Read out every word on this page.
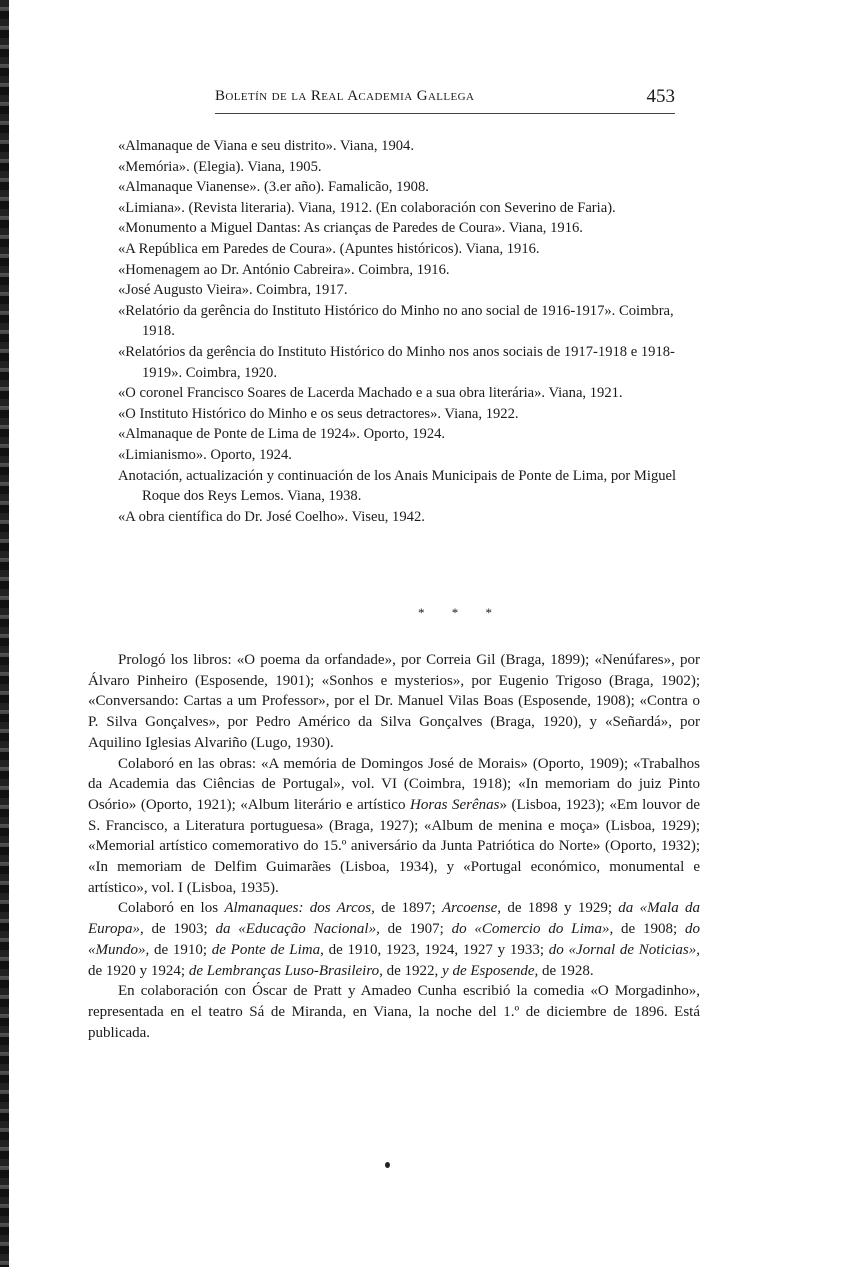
Boletín de la Real Academia Gallega	453

«Almanaque de Viana e seu distrito». Viana, 1904.

«Memória». (Elegia). Viana, 1905.

«Almanaque Vianense». (3.er año). Famalicão, 1908.

«Limiana». (Revista literaria). Viana, 1912. (En colaboración con Severino de Faria).

«Monumento a Miguel Dantas: As crianças de Paredes de Coura». Viana, 1916.

«A República em Paredes de Coura». (Apuntes históricos). Viana, 1916.

«Homenagem ao Dr. António Cabreira». Coimbra, 1916.

«José Augusto Vieira». Coimbra, 1917.

«Relatório da gerência do Instituto Histórico do Minho no ano social de 1916-1917». Coimbra, 1918.

«Relatórios da gerência do Instituto Histórico do Minho nos anos sociais de 1917-1918 e 1918-1919». Coimbra, 1920.

«O coronel Francisco Soares de Lacerda Machado e a sua obra literária». Viana, 1921.

«O Instituto Histórico do Minho e os seus detractores». Viana, 1922.

«Almanaque de Ponte de Lima de 1924». Oporto, 1924.

«Limianismo». Oporto, 1924.

Anotación, actualización y continuación de los Anais Municipais de Ponte de Lima, por Miguel Roque dos Reys Lemos. Viana, 1938.

«A obra científica do Dr. José Coelho». Viseu, 1942.

* * *

Prologó los libros: «O poema da orfandade», por Correia Gil (Braga, 1899); «Nenúfares», por Álvaro Pinheiro (Esposende, 1901); «Sonhos e mysterios», por Eugenio Trigoso (Braga, 1902); «Conversando: Cartas a um Professor», por el Dr. Manuel Vilas Boas (Esposende, 1908); «Contra o P. Silva Gonçalves», por Pedro Américo da Silva Gonçalves (Braga, 1920), y «Señardá», por Aquilino Iglesias Alvariño (Lugo, 1930).

Colaboró en las obras: «A memória de Domingos José de Morais» (Oporto, 1909); «Trabalhos da Academia das Ciências de Portugal», vol. VI (Coimbra, 1918); «In memoriam do juiz Pinto Osório» (Oporto, 1921); «Album literário e artístico Horas Serênas» (Lisboa, 1923); «Em louvor de S. Francisco, a Literatura portuguesa» (Braga, 1927); «Album de menina e moça» (Lisboa, 1929); «Memorial artístico comemorativo do 15.º aniversário da Junta Patriótica do Norte» (Oporto, 1932); «In memoriam de Delfim Guimarães (Lisboa, 1934), y «Portugal económico, monumental e artístico», vol. I (Lisboa, 1935).

Colaboró en los Almanaques: dos Arcos, de 1897; Arcoense, de 1898 y 1929; da «Mala da Europa», de 1903; da «Educação Nacional», de 1907; do «Comercio do Lima», de 1908; do «Mundo», de 1910; de Ponte de Lima, de 1910, 1923, 1924, 1927 y 1933; do «Jornal de Noticias», de 1920 y 1924; de Lembranças Luso-Brasileiro, de 1922, y de Esposende, de 1928.

En colaboración con Óscar de Pratt y Amadeo Cunha escribió la comedia «O Morgadinho», representada en el teatro Sá de Miranda, en Viana, la noche del 1.º de diciembre de 1896. Está publicada.
